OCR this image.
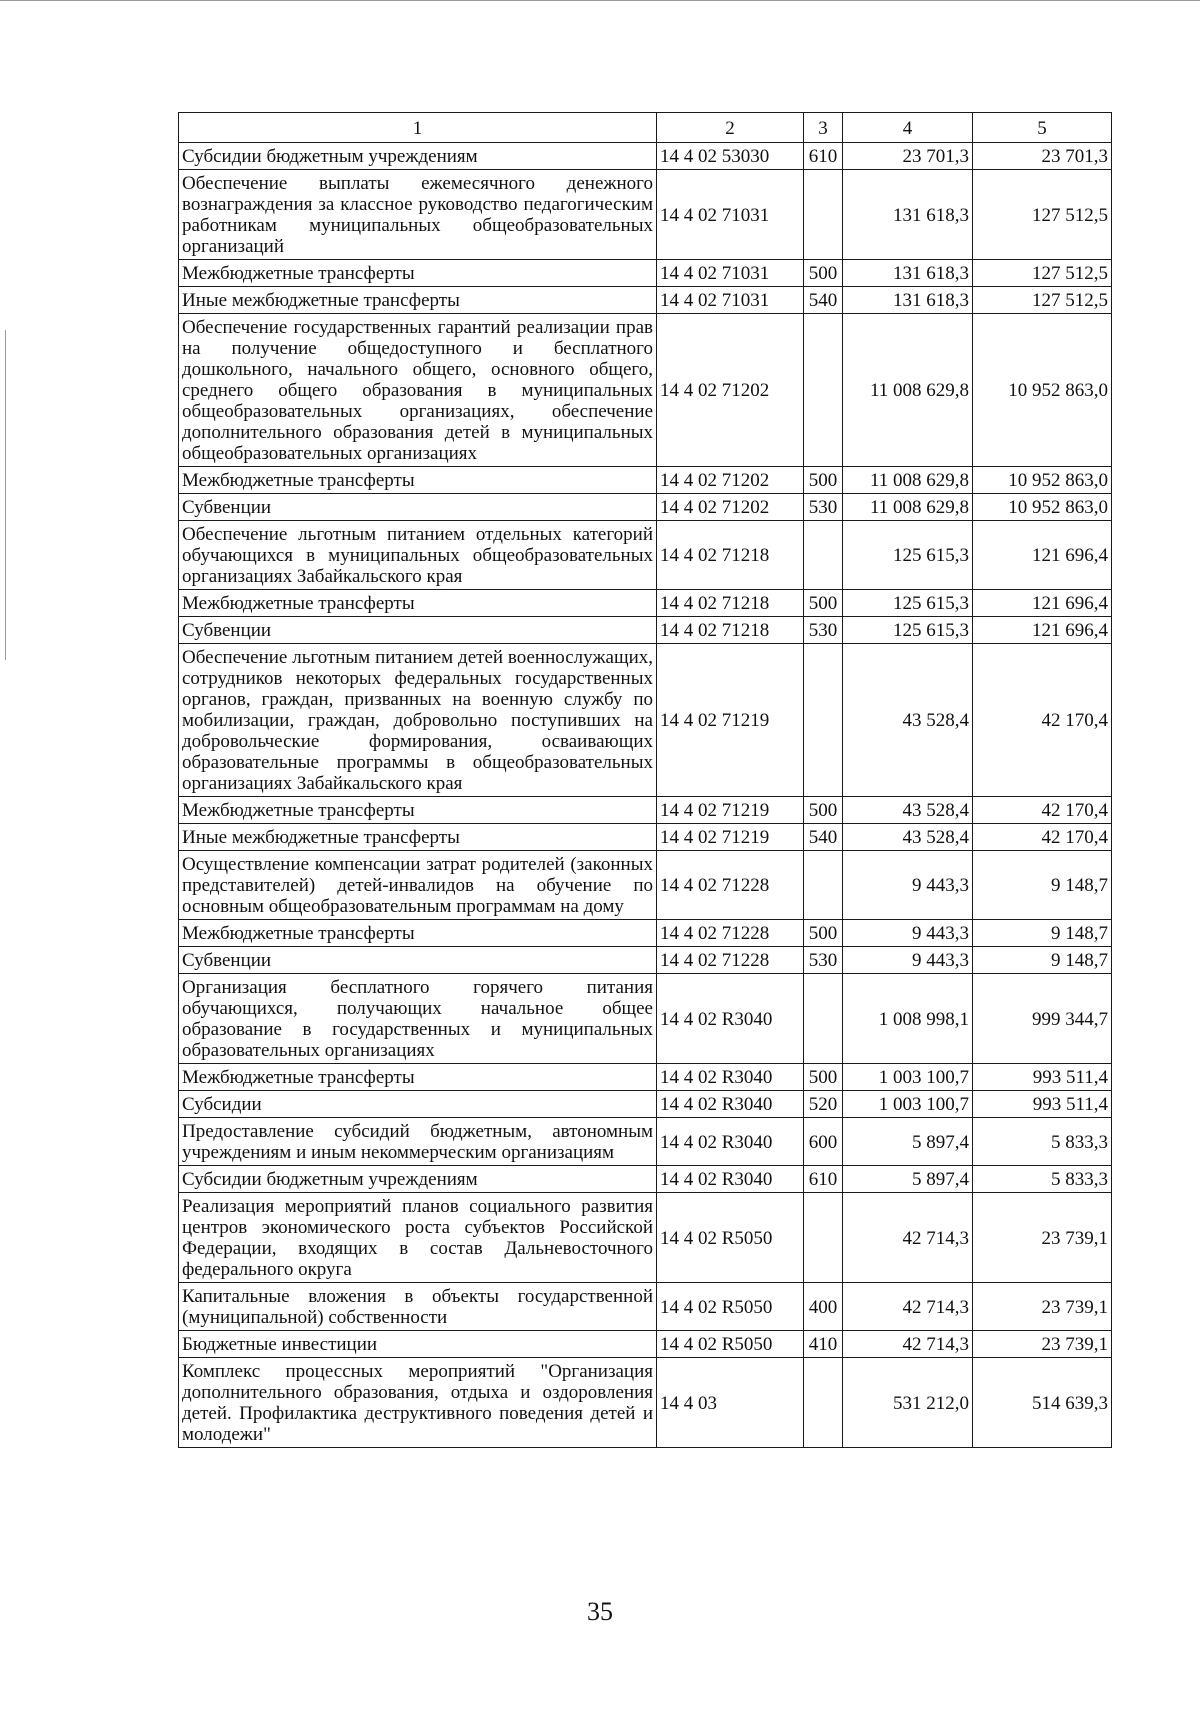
1	2	3	4	5
Субсидии бюджетным учреждениям	14 4 02 53030	610	23 701,3	23 701,3
Обеспечение выплаты ежемесячного денежного вознаграждения за классное руководство педагогическим работникам муниципальных общеобразовательных организаций	14 4 02 71031		131 618,3	127 512,5
Межбюджетные трансферты	14 4 02 71031	500	131 618,3	127 512,5
Иные межбюджетные трансферты	14 4 02 71031	540	131 618,3	127 512,5
Обеспечение государственных гарантий реализации прав на получение общедоступного и бесплатного дошкольного, начального общего, основного общего, среднего общего образования в муниципальных общеобразовательных организациях, обеспечение дополнительного образования детей в муниципальных общеобразовательных организациях	14 4 02 71202		11 008 629,8	10 952 863,0
Межбюджетные трансферты	14 4 02 71202	500	11 008 629,8	10 952 863,0
Субвенции	14 4 02 71202	530	11 008 629,8	10 952 863,0
Обеспечение льготным питанием отдельных категорий обучающихся в муниципальных общеобразовательных организациях Забайкальского края	14 4 02 71218		125 615,3	121 696,4
Межбюджетные трансферты	14 4 02 71218	500	125 615,3	121 696,4
Субвенции	14 4 02 71218	530	125 615,3	121 696,4
Обеспечение льготным питанием детей военнослужащих, сотрудников некоторых федеральных государственных органов, граждан, призванных на военную службу по мобилизации, граждан, добровольно поступивших на добровольческие формирования, осваивающих образовательные программы в общеобразовательных организациях Забайкальского края	14 4 02 71219		43 528,4	42 170,4
Межбюджетные трансферты	14 4 02 71219	500	43 528,4	42 170,4
Иные межбюджетные трансферты	14 4 02 71219	540	43 528,4	42 170,4
Осуществление компенсации затрат родителей (законных представителей) детей-инвалидов на обучение по основным общеобразовательным программам на дому	14 4 02 71228		9 443,3	9 148,7
Межбюджетные трансферты	14 4 02 71228	500	9 443,3	9 148,7
Субвенции	14 4 02 71228	530	9 443,3	9 148,7
Организация бесплатного горячего питания обучающихся, получающих начальное общее образование в государственных и муниципальных образовательных организациях	14 4 02 R3040		1 008 998,1	999 344,7
Межбюджетные трансферты	14 4 02 R3040	500	1 003 100,7	993 511,4
Субсидии	14 4 02 R3040	520	1 003 100,7	993 511,4
Предоставление субсидий бюджетным, автономным учреждениям и иным некоммерческим организациям	14 4 02 R3040	600	5 897,4	5 833,3
Субсидии бюджетным учреждениям	14 4 02 R3040	610	5 897,4	5 833,3
Реализация мероприятий планов социального развития центров экономического роста субъектов Российской Федерации, входящих в состав Дальневосточного федерального округа	14 4 02 R5050		42 714,3	23 739,1
Капитальные вложения в объекты государственной (муниципальной) собственности	14 4 02 R5050	400	42 714,3	23 739,1
Бюджетные инвестиции	14 4 02 R5050	410	42 714,3	23 739,1
Комплекс процессных мероприятий "Организация дополнительного образования, отдыха и оздоровления детей. Профилактика деструктивного поведения детей и молодежи"	14 4 03		531 212,0	514 639,3
35
